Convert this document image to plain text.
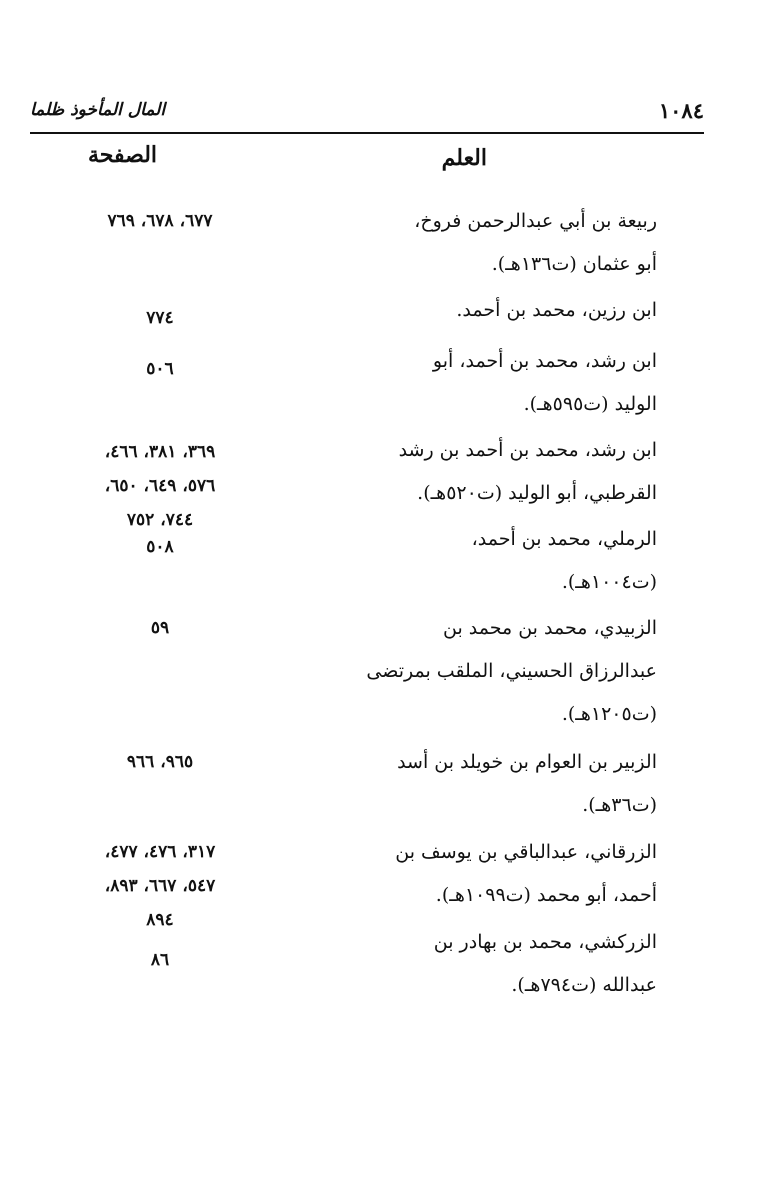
١٠٨٤
المال المأخوذ ظلما
العلم
الصفحة
ربيعة بن أبي عبدالرحمن فروخ،
أبو عثمان (ت١٣٦هـ).
٦٧٧، ٦٧٨، ٧٦٩
ابن رزين، محمد بن أحمد.
٧٧٤
ابن رشد، محمد بن أحمد، أبو
الوليد (ت٥٩٥هـ).
٥٠٦
ابن رشد، محمد بن أحمد بن رشد
القرطبي، أبو الوليد (ت٥٢٠هـ).
٣٦٩، ٣٨١، ٤٦٦،
٥٧٦، ٦٤٩، ٦٥٠،
٧٤٤، ٧٥٢
الرملي، محمد بن أحمد،
(ت١٠٠٤هـ).
٥٠٨
الزبيدي، محمد بن محمد بن
عبدالرزاق الحسيني، الملقب بمرتضى
(ت١٢٠٥هـ).
٥٩
الزبير بن العوام بن خويلد بن أسد
(ت٣٦هـ).
٩٦٥، ٩٦٦
الزرقاني، عبدالباقي بن يوسف بن
أحمد، أبو محمد (ت١٠٩٩هـ).
٣١٧، ٤٧٦، ٤٧٧،
٥٤٧، ٦٦٧، ٨٩٣،
٨٩٤
الزركشي، محمد بن بهادر بن
عبدالله (ت٧٩٤هـ).
٨٦
